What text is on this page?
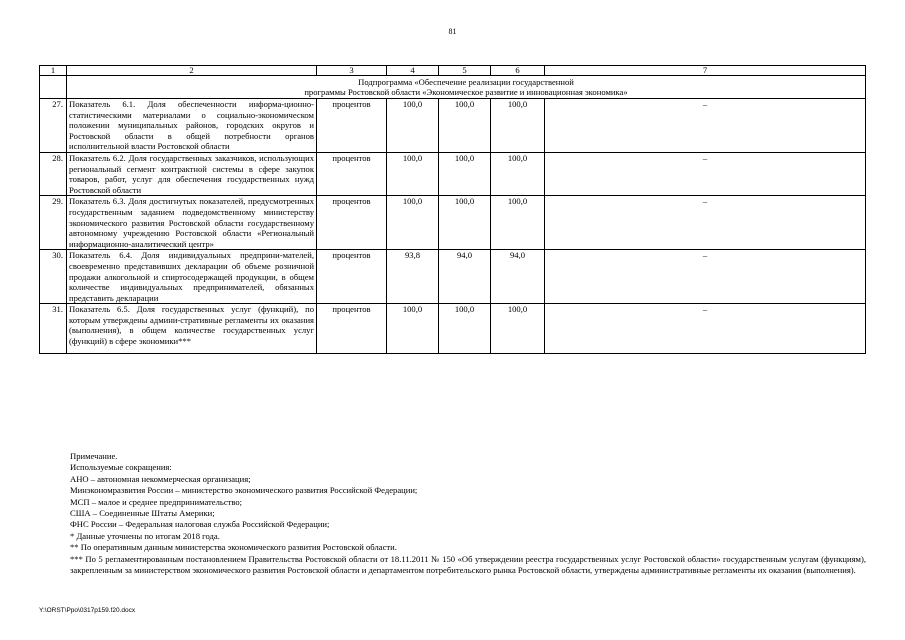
81
1	2	3	4	5	6	7
	Подпрограмма «Обеспечение реализации государственной
программы Ростовской области «Экономическое развитие и инновационная экономика»					
27.	Показатель 6.1. Доля обеспеченности информа-ционно-статистическими материалами о социально-экономическом положении муниципальных районов, городских округов и Ростовской области в общей потребности органов исполнительной власти Ростовской области	процентов	100,0	100,0	100,0	–
28.	Показатель 6.2. Доля государственных заказчиков, использующих региональный сегмент контрактной системы в сфере закупок товаров, работ, услуг для обеспечения государственных нужд Ростовской области	процентов	100,0	100,0	100,0	–
29.	Показатель 6.3. Доля достигнутых показателей, предусмотренных государственным заданием подведомственному министерству экономического развития Ростовской области государственному автономному учреждению Ростовской области «Региональный информационно-аналитический центр»	процентов	100,0	100,0	100,0	–
30.	Показатель 6.4. Доля индивидуальных предприни-мателей, своевременно представивших декларации об объеме розничной продажи алкогольной и спиртосодержащей продукции, в общем количестве индивидуальных предпринимателей, обязанных представить декларации	процентов	93,8	94,0	94,0	–
31.	Показатель 6.5. Доля государственных услуг (функций), по которым утверждены админи-стративные регламенты их оказания (выполнения), в общем количестве государственных услуг (функций) в сфере экономики***	процентов	100,0	100,0	100,0	–
Примечание.
Используемые сокращения:
АНО – автономная некоммерческая организация;
Минэкономразвития России – министерство экономического развития Российской Федерации;
МСП – малое и среднее предпринимательство;
США – Соединенные Штаты Америки;
ФНС России – Федеральная налоговая служба Российской Федерации;
* Данные уточнены по итогам 2018 года.
** По оперативным данным министерства экономического развития Ростовской области.
*** По 5 регламентированным постановлением Правительства Ростовской области от 18.11.2011 № 150 «Об утверждении реестра государственных услуг Ростовской области» государственным услугам (функциям), закрепленным за министерством экономического развития Ростовской области и департаментом потребительского рынка Ростовской области, утверждены административные регламенты их оказания (выполнения).
Y:\ORST\Ppo\0317p159.f20.docx
